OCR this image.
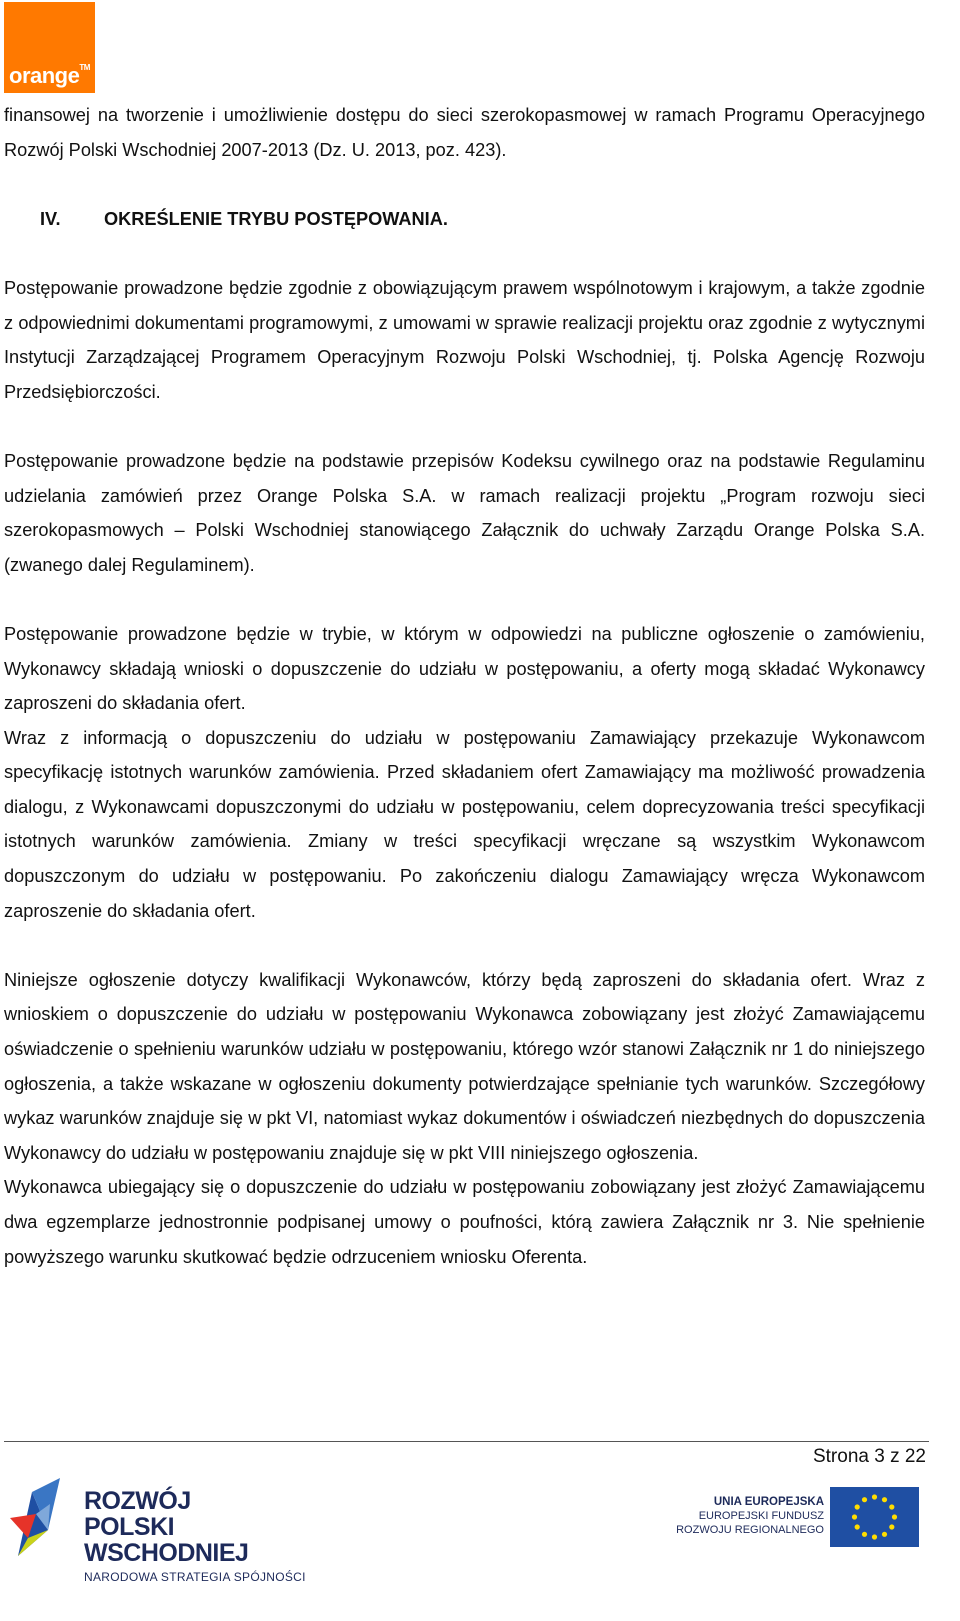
orange™

finansowej na tworzenie i umożliwienie dostępu do sieci szerokopasmowej w ramach Programu Operacyjnego Rozwój Polski Wschodniej 2007-2013 (Dz. U. 2013, poz. 423).

IV.	OKREŚLENIE TRYBU POSTĘPOWANIA.

Postępowanie prowadzone będzie zgodnie z obowiązującym prawem wspólnotowym i krajowym, a także zgodnie z odpowiednimi dokumentami programowymi, z umowami w sprawie realizacji projektu oraz zgodnie z wytycznymi Instytucji Zarządzającej Programem Operacyjnym Rozwoju Polski Wschodniej, tj. Polska Agencję Rozwoju Przedsiębiorczości.

Postępowanie prowadzone będzie na podstawie przepisów Kodeksu cywilnego oraz na podstawie Regulaminu udzielania zamówień przez Orange Polska S.A. w ramach realizacji projektu „Program rozwoju sieci szerokopasmowych – Polski Wschodniej stanowiącego Załącznik do uchwały Zarządu Orange Polska S.A. (zwanego dalej Regulaminem).

Postępowanie prowadzone będzie w trybie, w którym w odpowiedzi na publiczne ogłoszenie o zamówieniu, Wykonawcy składają wnioski o dopuszczenie do udziału w postępowaniu, a oferty mogą składać Wykonawcy zaproszeni do składania ofert.

Wraz z informacją o dopuszczeniu do udziału w postępowaniu Zamawiający przekazuje Wykonawcom specyfikację istotnych warunków zamówienia. Przed składaniem ofert Zamawiający ma możliwość prowadzenia dialogu, z Wykonawcami dopuszczonymi do udziału w postępowaniu, celem doprecyzowania treści specyfikacji istotnych warunków zamówienia. Zmiany w treści specyfikacji wręczane są wszystkim Wykonawcom dopuszczonym do udziału w postępowaniu. Po zakończeniu dialogu Zamawiający wręcza Wykonawcom zaproszenie do składania ofert.

Niniejsze ogłoszenie dotyczy kwalifikacji Wykonawców, którzy będą zaproszeni do składania ofert. Wraz z wnioskiem o dopuszczenie do udziału w postępowaniu Wykonawca zobowiązany jest złożyć Zamawiającemu oświadczenie o spełnieniu warunków udziału w postępowaniu, którego wzór stanowi Załącznik nr 1 do niniejszego ogłoszenia, a także wskazane w ogłoszeniu dokumenty potwierdzające spełnianie tych warunków. Szczegółowy wykaz warunków znajduje się w pkt VI, natomiast wykaz dokumentów i oświadczeń niezbędnych do dopuszczenia Wykonawcy do udziału w postępowaniu znajduje się w pkt VIII niniejszego ogłoszenia.

Wykonawca ubiegający się o dopuszczenie do udziału w postępowaniu zobowiązany jest złożyć Zamawiającemu dwa egzemplarze jednostronnie podpisanej umowy o poufności, którą zawiera Załącznik nr 3. Nie spełnienie powyższego warunku skutkować będzie odrzuceniem wniosku Oferenta.

Strona 3 z 22
ROZWÓJ
POLSKI WSCHODNIEJ
NARODOWA STRATEGIA SPÓJNOŚCI
UNIA EUROPEJSKA
EUROPEJSKI FUNDUSZ
ROZWOJU REGIONALNEGO
